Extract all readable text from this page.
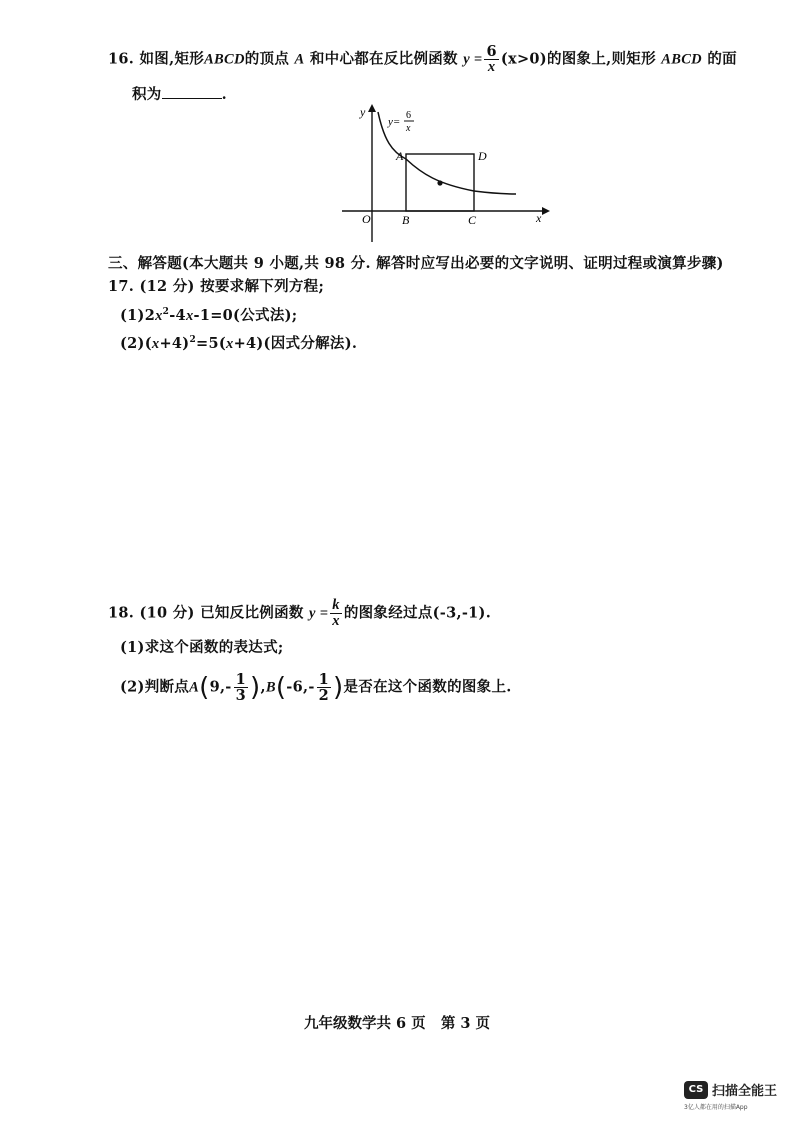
16. 如图,矩形ABCD的顶点 A 和中心都在反比例函数 $y = \frac{6}{x} (x>0)$的图象上,则矩形 ABCD 的面
积为	.
y
x
O
A
B	C
D
y=
6
x
三、解答题(本大题共 9 小题,共 98 分. 解答时应写出必要的文字说明、证明过程或演算步骤)
17. (12 分) 按要求解下列方程;
$(1)2x^2-4x-1=0$(公式法);
$(2)(x+4)^2=5(x+4)$(因式分解法).
18. (10 分) 已知反比例函数 $y = \frac{k}{x}$ 的图象经过点(-3,-1).
(1)求这个函数的表达式;
(2)判断点$A(9,- \frac{1}{3} ),B(-6,- \frac{1}{2}$ )是否在这个函数的图象上.
九年级数学共 6 页   第 3 页
CS 扫描全能王
3亿人都在用的扫描App
